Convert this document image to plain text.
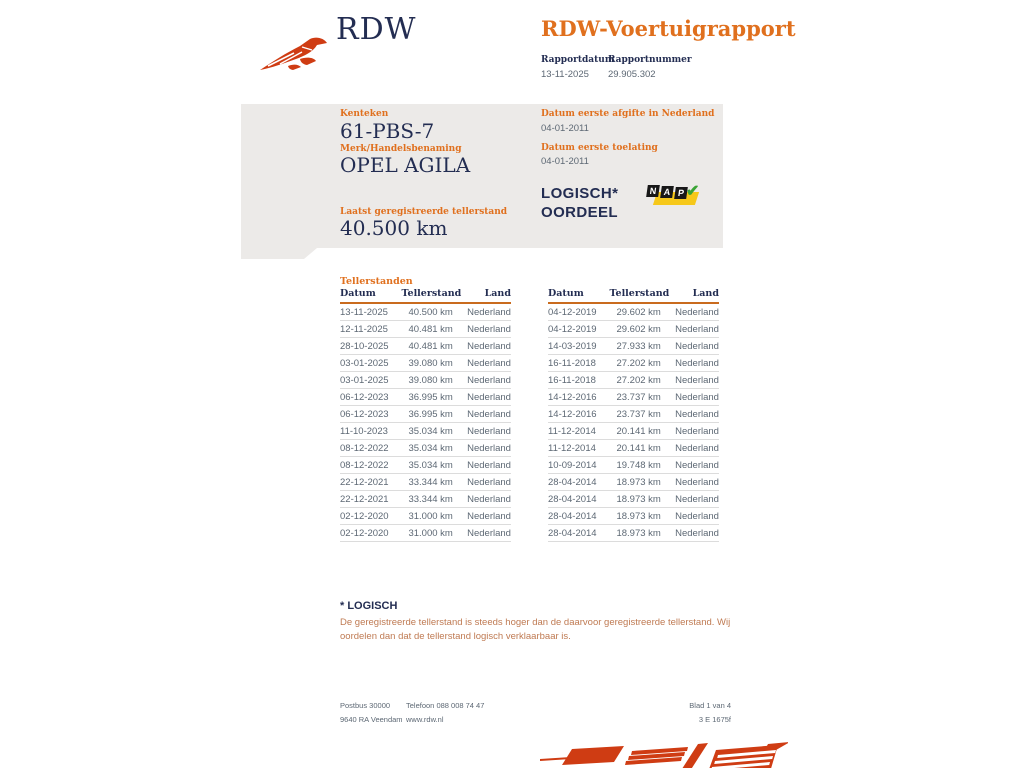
RDW	RDW-Voertuigrapport
Rapportdatum
13-11-2025
Rapportnummer
29.905.302
Kenteken
61-PBS-7
Merk/Handelsbenaming
OPEL AGILA
Datum eerste afgifte in Nederland
04-01-2011
Datum eerste toelating
04-01-2011
Laatst geregistreerde tellerstand
40.500 km
LOGISCH*
OORDEEL
N A P ✔
Tellerstanden
Datum	Tellerstand	Land
13-11-2025	40.500 km	Nederland
12-11-2025	40.481 km	Nederland
28-10-2025	40.481 km	Nederland
03-01-2025	39.080 km	Nederland
03-01-2025	39.080 km	Nederland
06-12-2023	36.995 km	Nederland
06-12-2023	36.995 km	Nederland
11-10-2023	35.034 km	Nederland
08-12-2022	35.034 km	Nederland
08-12-2022	35.034 km	Nederland
22-12-2021	33.344 km	Nederland
22-12-2021	33.344 km	Nederland
02-12-2020	31.000 km	Nederland
02-12-2020	31.000 km	Nederland
Datum	Tellerstand	Land
04-12-2019	29.602 km	Nederland
04-12-2019	29.602 km	Nederland
14-03-2019	27.933 km	Nederland
16-11-2018	27.202 km	Nederland
16-11-2018	27.202 km	Nederland
14-12-2016	23.737 km	Nederland
14-12-2016	23.737 km	Nederland
11-12-2014	20.141 km	Nederland
11-12-2014	20.141 km	Nederland
10-09-2014	19.748 km	Nederland
28-04-2014	18.973 km	Nederland
28-04-2014	18.973 km	Nederland
28-04-2014	18.973 km	Nederland
28-04-2014	18.973 km	Nederland
* LOGISCH
De geregistreerde tellerstand is steeds hoger dan de daarvoor geregistreerde tellerstand. Wij oordelen dan dat de tellerstand logisch verklaarbaar is.
Postbus 30000
9640 RA Veendam
Telefoon 088 008 74 47
www.rdw.nl
Blad 1 van 4
3 E 1675f
